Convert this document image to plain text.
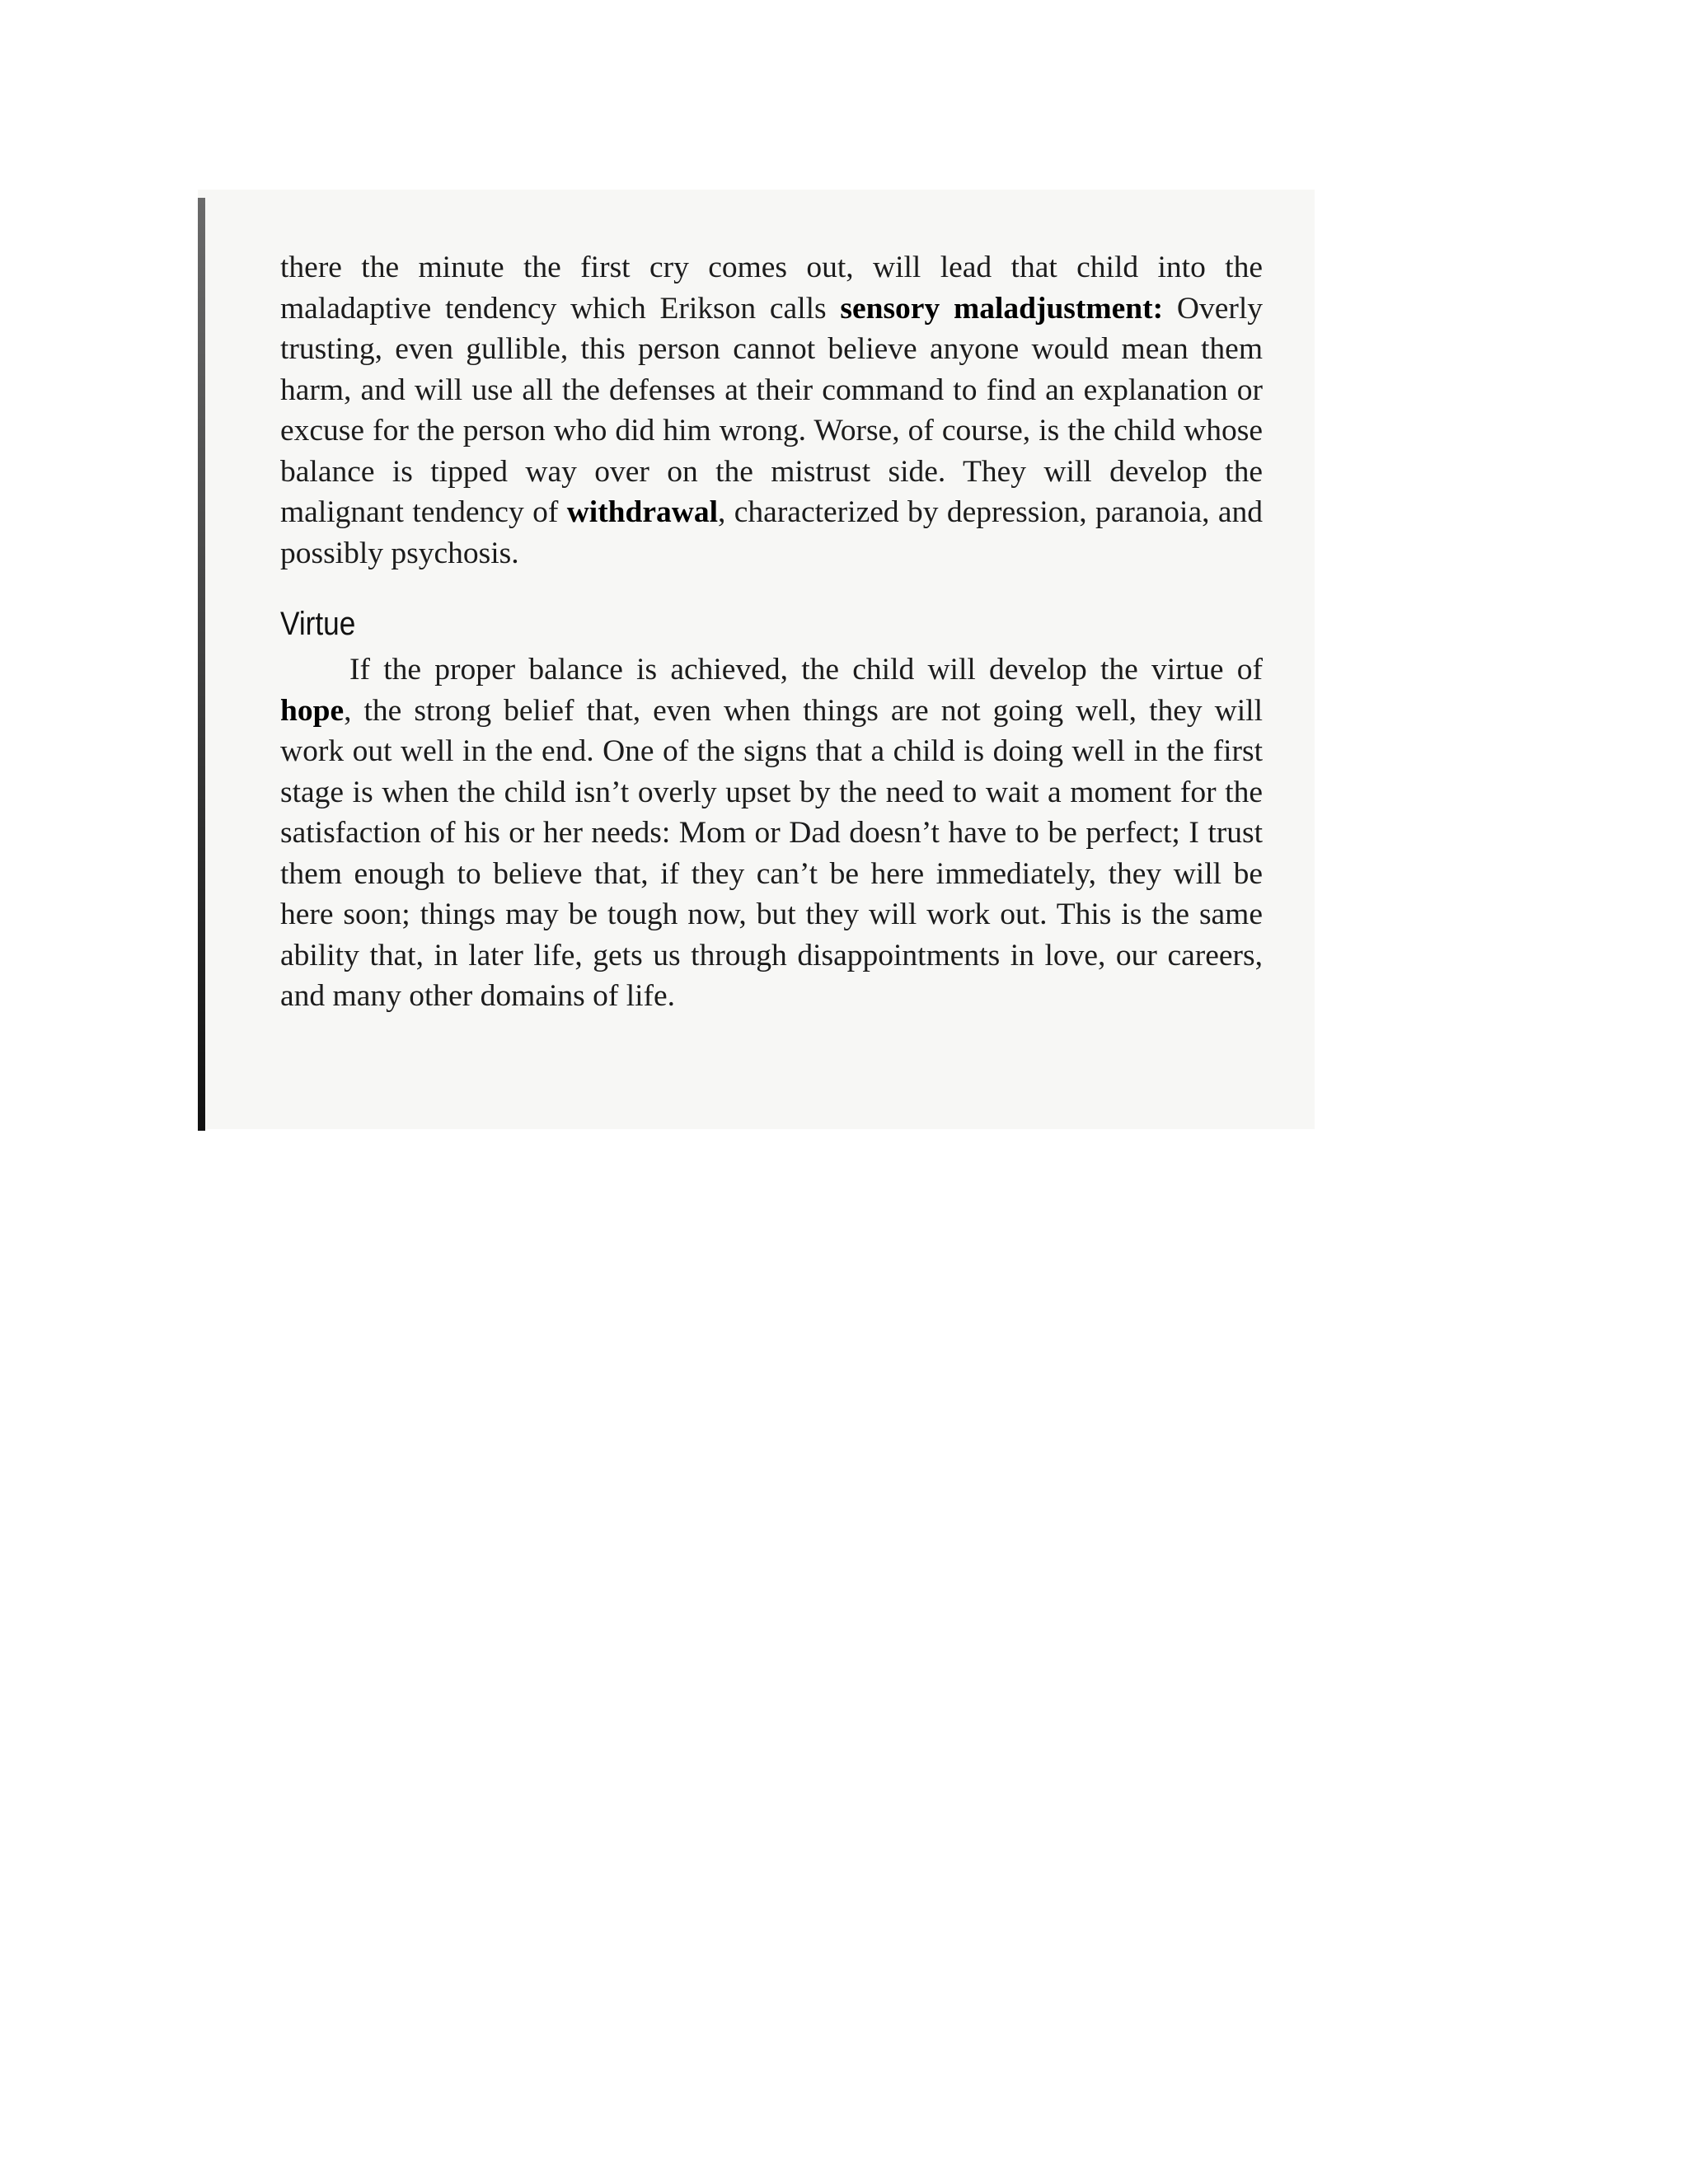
there the minute the first cry comes out, will lead that child into the maladaptive tendency which Erikson calls sensory maladjustment: Overly trusting, even gullible, this person cannot believe anyone would mean them harm, and will use all the defenses at their command to find an explanation or excuse for the person who did him wrong. Worse, of course, is the child whose balance is tipped way over on the mistrust side. They will develop the malignant tendency of withdrawal, characterized by depression, paranoia, and possibly psychosis.

Virtue

If the proper balance is achieved, the child will develop the virtue of hope, the strong belief that, even when things are not going well, they will work out well in the end. One of the signs that a child is doing well in the first stage is when the child isn’t overly upset by the need to wait a moment for the satisfaction of his or her needs: Mom or Dad doesn’t have to be perfect; I trust them enough to believe that, if they can’t be here immediately, they will be here soon; things may be tough now, but they will work out. This is the same ability that, in later life, gets us through disappointments in love, our careers, and many other domains of life.
